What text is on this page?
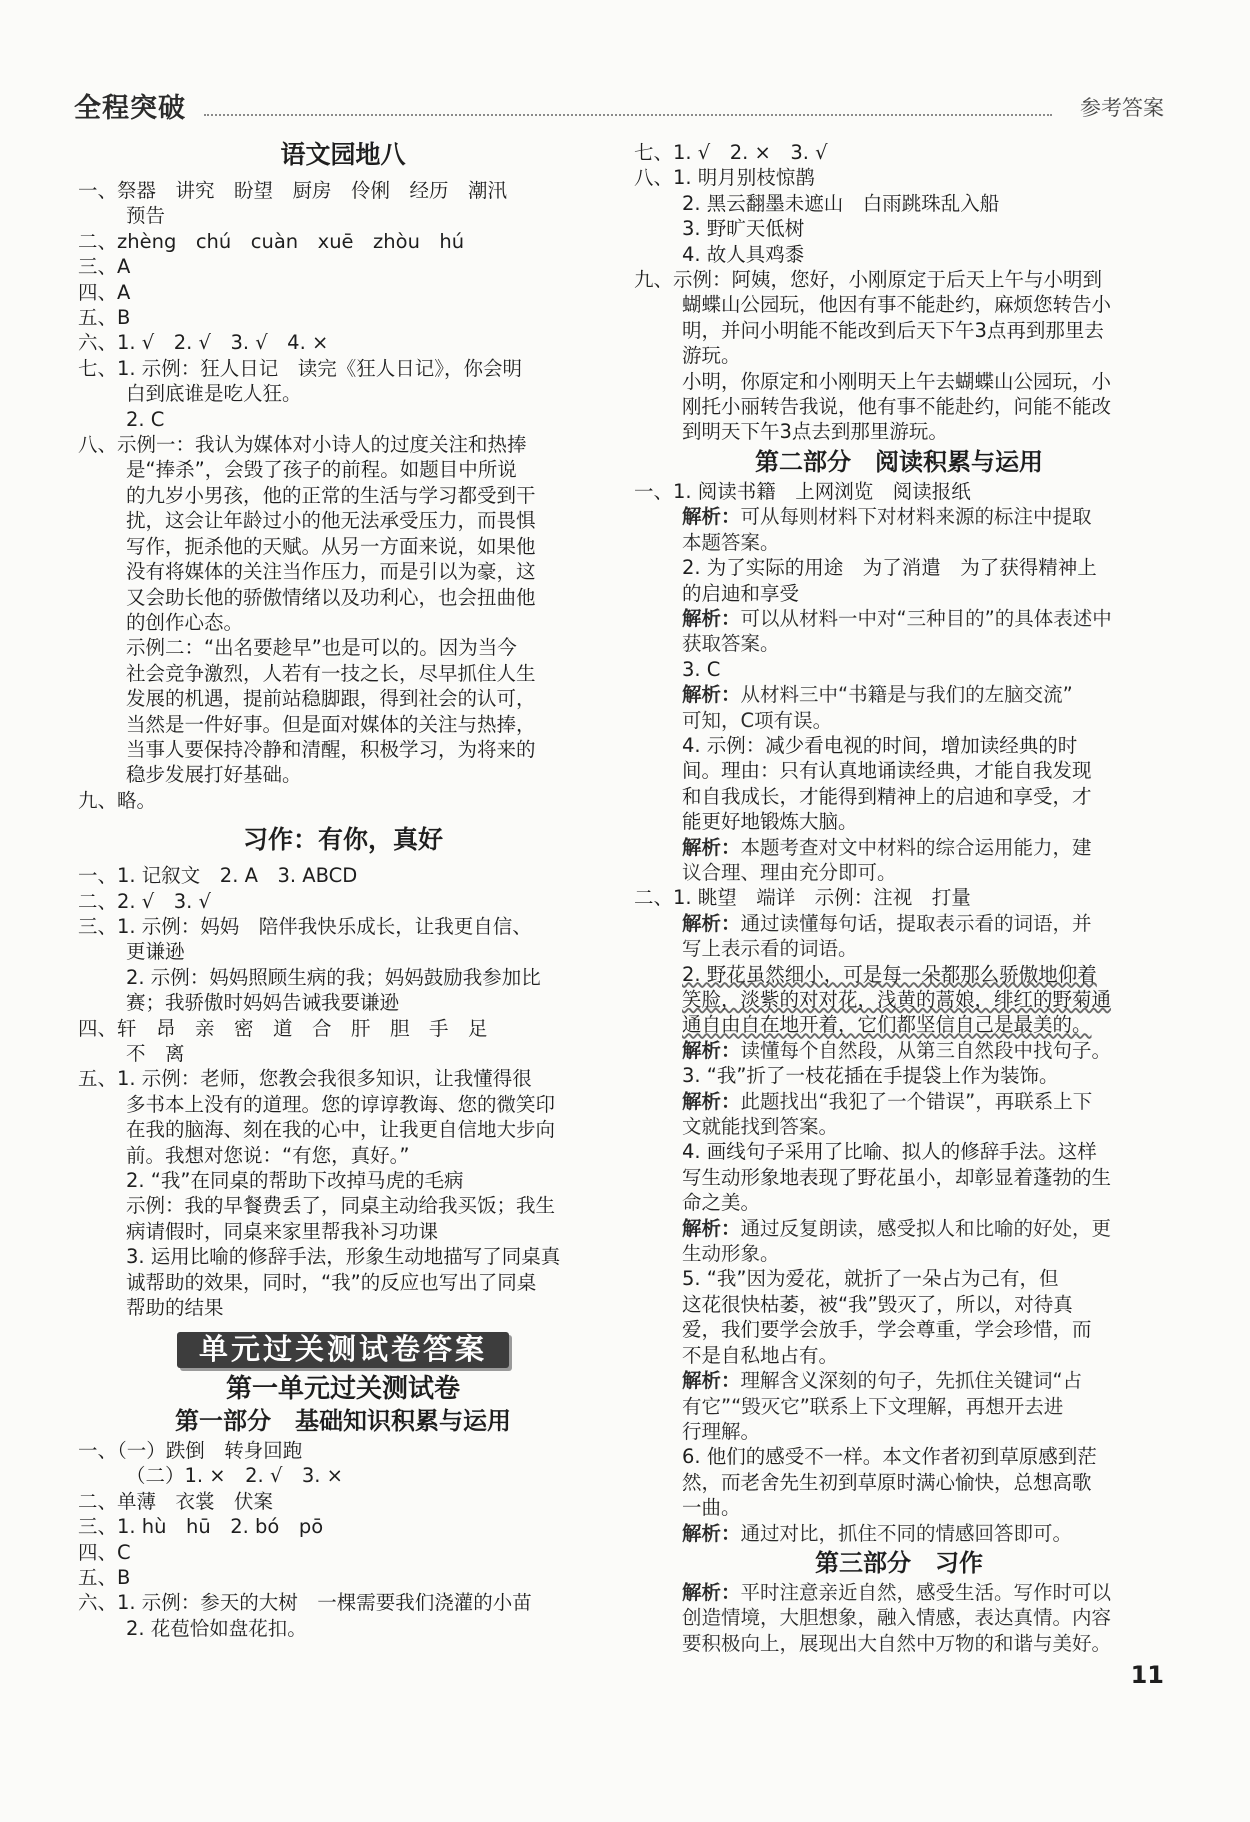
全程突破	参考答案
语文园地八
一、祭器　讲究　盼望　厨房　伶俐　经历　潮汛
预告
二、zhèng　chú　cuàn　xuē　zhòu　hú
三、A
四、A
五、B
六、1. √　2. √　3. √　4. ×
七、1. 示例：狂人日记　读完《狂人日记》，你会明
白到底谁是吃人狂。
2. C
八、示例一：我认为媒体对小诗人的过度关注和热捧
是“捧杀”，会毁了孩子的前程。如题目中所说
的九岁小男孩，他的正常的生活与学习都受到干
扰，这会让年龄过小的他无法承受压力，而畏惧
写作，扼杀他的天赋。从另一方面来说，如果他
没有将媒体的关注当作压力，而是引以为豪，这
又会助长他的骄傲情绪以及功利心，也会扭曲他
的创作心态。
示例二：“出名要趁早”也是可以的。因为当今
社会竞争激烈，人若有一技之长，尽早抓住人生
发展的机遇，提前站稳脚跟，得到社会的认可，
当然是一件好事。但是面对媒体的关注与热捧，
当事人要保持冷静和清醒，积极学习，为将来的
稳步发展打好基础。
九、略。
习作：有你，真好
一、1. 记叙文　2. A　3. ABCD
二、2. √　3. √
三、1. 示例：妈妈　陪伴我快乐成长，让我更自信、
更谦逊
2. 示例：妈妈照顾生病的我；妈妈鼓励我参加比
赛；我骄傲时妈妈告诫我要谦逊
四、轩　昂　亲　密　道　合　肝　胆　手　足
不　离
五、1. 示例：老师，您教会我很多知识，让我懂得很
多书本上没有的道理。您的谆谆教诲、您的微笑印
在我的脑海、刻在我的心中，让我更自信地大步向
前。我想对您说：“有您，真好。”
2. “我”在同桌的帮助下改掉马虎的毛病
示例：我的早餐费丢了，同桌主动给我买饭；我生
病请假时，同桌来家里帮我补习功课
3. 运用比喻的修辞手法，形象生动地描写了同桌真
诚帮助的效果，同时，“我”的反应也写出了同桌
帮助的结果
单元过关测试卷答案
第一单元过关测试卷
第一部分　基础知识积累与运用
一、（一）跌倒　转身回跑
（二）1. ×　2. √　3. ×
二、单薄　衣裳　伏案
三、1. hù　hū　2. bó　pō
四、C
五、B
六、1. 示例：参天的大树　一棵需要我们浇灌的小苗
2. 花苞恰如盘花扣。
七、1. √　2. ×　3. √
八、1. 明月别枝惊鹊
2. 黑云翻墨未遮山　白雨跳珠乱入船
3. 野旷天低树
4. 故人具鸡黍
九、示例：阿姨，您好，小刚原定于后天上午与小明到
蝴蝶山公园玩，他因有事不能赴约，麻烦您转告小
明，并问小明能不能改到后天下午3点再到那里去
游玩。
小明，你原定和小刚明天上午去蝴蝶山公园玩，小
刚托小丽转告我说，他有事不能赴约，问能不能改
到明天下午3点去到那里游玩。
第二部分　阅读积累与运用
一、1. 阅读书籍　上网浏览　阅读报纸
解析：可从每则材料下对材料来源的标注中提取
本题答案。
2. 为了实际的用途　为了消遣　为了获得精神上
的启迪和享受
解析：可以从材料一中对“三种目的”的具体表述中
获取答案。
3. C
解析：从材料三中“书籍是与我们的左脑交流”
可知，C项有误。
4. 示例：减少看电视的时间，增加读经典的时
间。理由：只有认真地诵读经典，才能自我发现
和自我成长，才能得到精神上的启迪和享受，才
能更好地锻炼大脑。
解析：本题考查对文中材料的综合运用能力，建
议合理、理由充分即可。
二、1. 眺望　端详　示例：注视　打量
解析：通过读懂每句话，提取表示看的词语，并
写上表示看的词语。
2. 野花虽然细小，可是每一朵都那么骄傲地仰着
笑脸，淡紫的对对花，浅黄的蒿娘，绯红的野菊通
通自由自在地开着，它们都坚信自己是最美的。
解析：读懂每个自然段，从第三自然段中找句子。
3. “我”折了一枝花插在手提袋上作为装饰。
解析：此题找出“我犯了一个错误”，再联系上下
文就能找到答案。
4. 画线句子采用了比喻、拟人的修辞手法。这样
写生动形象地表现了野花虽小，却彰显着蓬勃的生
命之美。
解析：通过反复朗读，感受拟人和比喻的好处，更
生动形象。
5. “我”因为爱花，就折了一朵占为己有，但
这花很快枯萎，被“我”毁灭了，所以，对待真
爱，我们要学会放手，学会尊重，学会珍惜，而
不是自私地占有。
解析：理解含义深刻的句子，先抓住关键词“占
有它”“毁灭它”联系上下文理解，再想开去进
行理解。
6. 他们的感受不一样。本文作者初到草原感到茫
然，而老舍先生初到草原时满心愉快，总想高歌
一曲。
解析：通过对比，抓住不同的情感回答即可。
第三部分　习作
解析：平时注意亲近自然，感受生活。写作时可以
创造情境，大胆想象，融入情感，表达真情。内容
要积极向上，展现出大自然中万物的和谐与美好。
11
